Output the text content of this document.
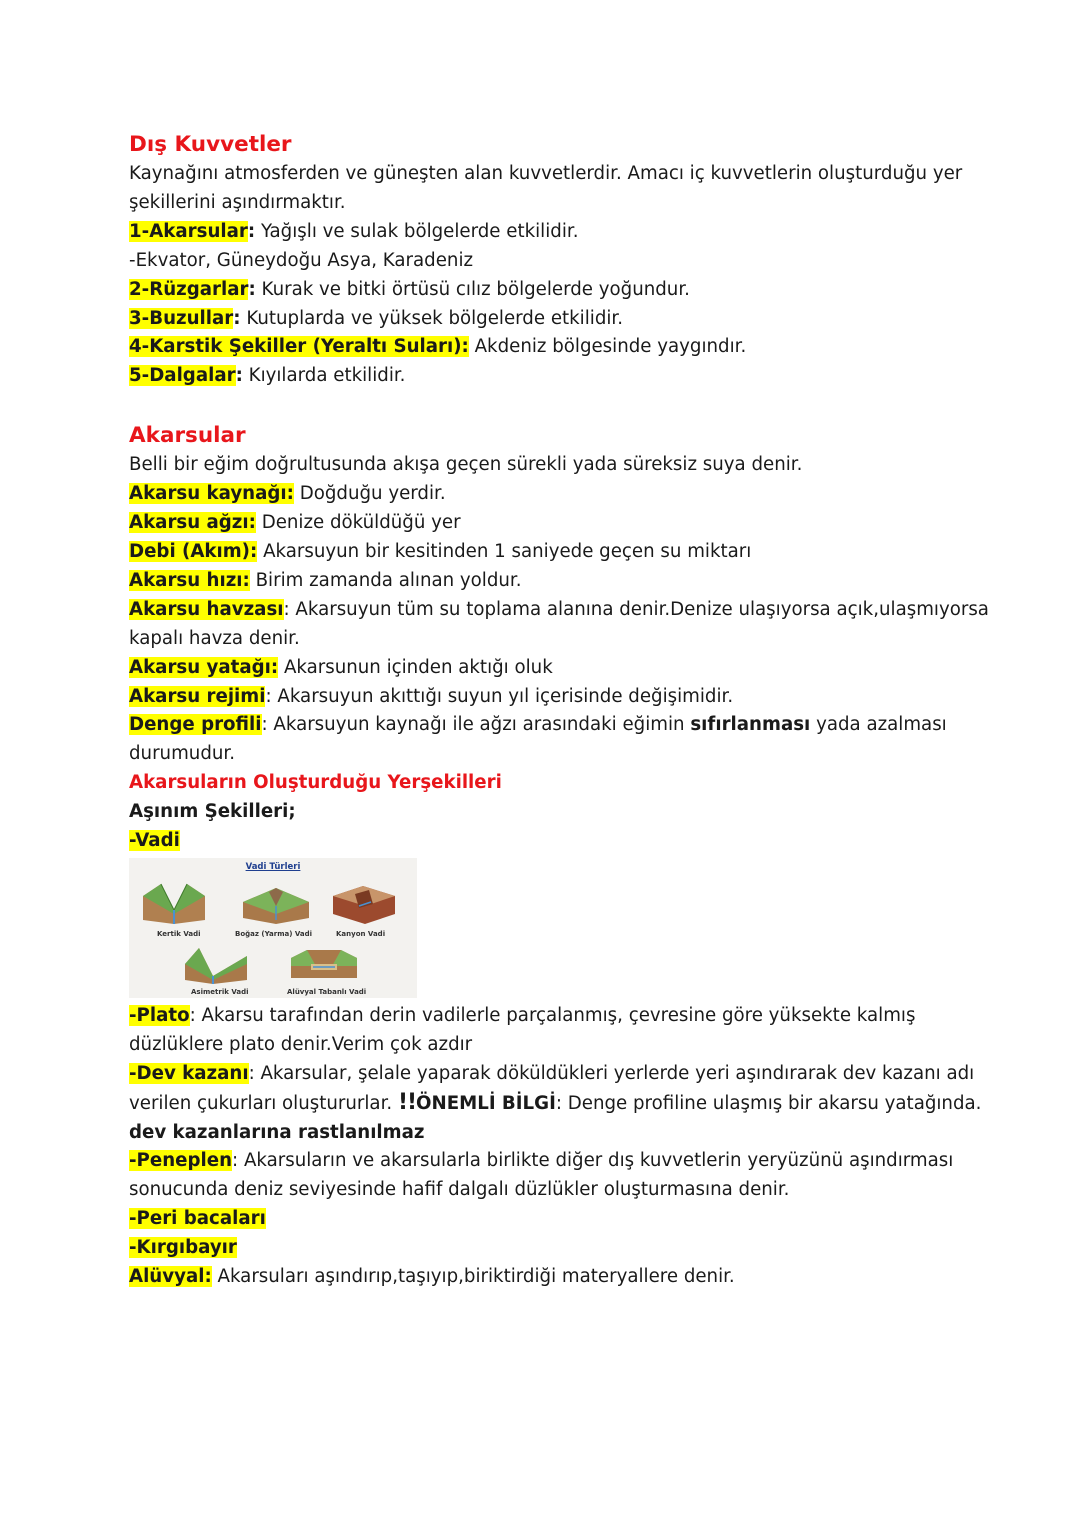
Dış Kuvvetler
Kaynağını atmosferden ve güneşten alan kuvvetlerdir. Amacı iç kuvvetlerin oluşturduğu yer
şekillerini aşındırmaktır.
1-Akarsular: Yağışlı ve sulak bölgelerde etkilidir.
-Ekvator, Güneydoğu Asya, Karadeniz
2-Rüzgarlar: Kurak ve bitki örtüsü cılız bölgelerde yoğundur.
3-Buzullar: Kutuplarda ve yüksek bölgelerde etkilidir.
4-Karstik Şekiller (Yeraltı Suları): Akdeniz bölgesinde yaygındır.
5-Dalgalar: Kıyılarda etkilidir.
Akarsular
Belli bir eğim doğrultusunda akışa geçen sürekli yada süreksiz suya denir.
Akarsu kaynağı: Doğduğu yerdir.
Akarsu ağzı: Denize döküldüğü yer
Debi (Akım): Akarsuyun bir kesitinden 1 saniyede geçen su miktarı
Akarsu hızı: Birim zamanda alınan yoldur.
Akarsu havzası: Akarsuyun tüm su toplama alanına denir.Denize ulaşıyorsa açık,ulaşmıyorsa
kapalı havza denir.
Akarsu yatağı: Akarsunun içinden aktığı oluk
Akarsu rejimi: Akarsuyun akıttığı suyun yıl içerisinde değişimidir.
Denge profili: Akarsuyun kaynağı ile ağzı arasındaki eğimin sıfırlanması yada azalması
durumudur.
Akarsuların Oluşturduğu Yerşekilleri
Aşınım Şekilleri;
-Vadi
Vadi Türleri
Kertik Vadi	Boğaz (Yarma) Vadi	Kanyon Vadi
Asimetrik Vadi	Alüvyal Tabanlı Vadi
-Plato: Akarsu tarafından derin vadilerle parçalanmış, çevresine göre yüksekte kalmış
düzlüklere plato denir.Verim çok azdır
-Dev kazanı: Akarsular, şelale yaparak döküldükleri yerlerde yeri aşındırarak dev kazanı adı
verilen çukurları oluştururlar. !!ÖNEMLİ BİLGİ: Denge profiline ulaşmış bir akarsu yatağında.
dev kazanlarına rastlanılmaz
-Peneplen: Akarsuların ve akarsularla birlikte diğer dış kuvvetlerin yeryüzünü aşındırması
sonucunda deniz seviyesinde hafif dalgalı düzlükler oluşturmasına denir.
-Peri bacaları
-Kırgıbayır
Alüvyal: Akarsuları aşındırıp,taşıyıp,biriktirdiği materyallere denir.
